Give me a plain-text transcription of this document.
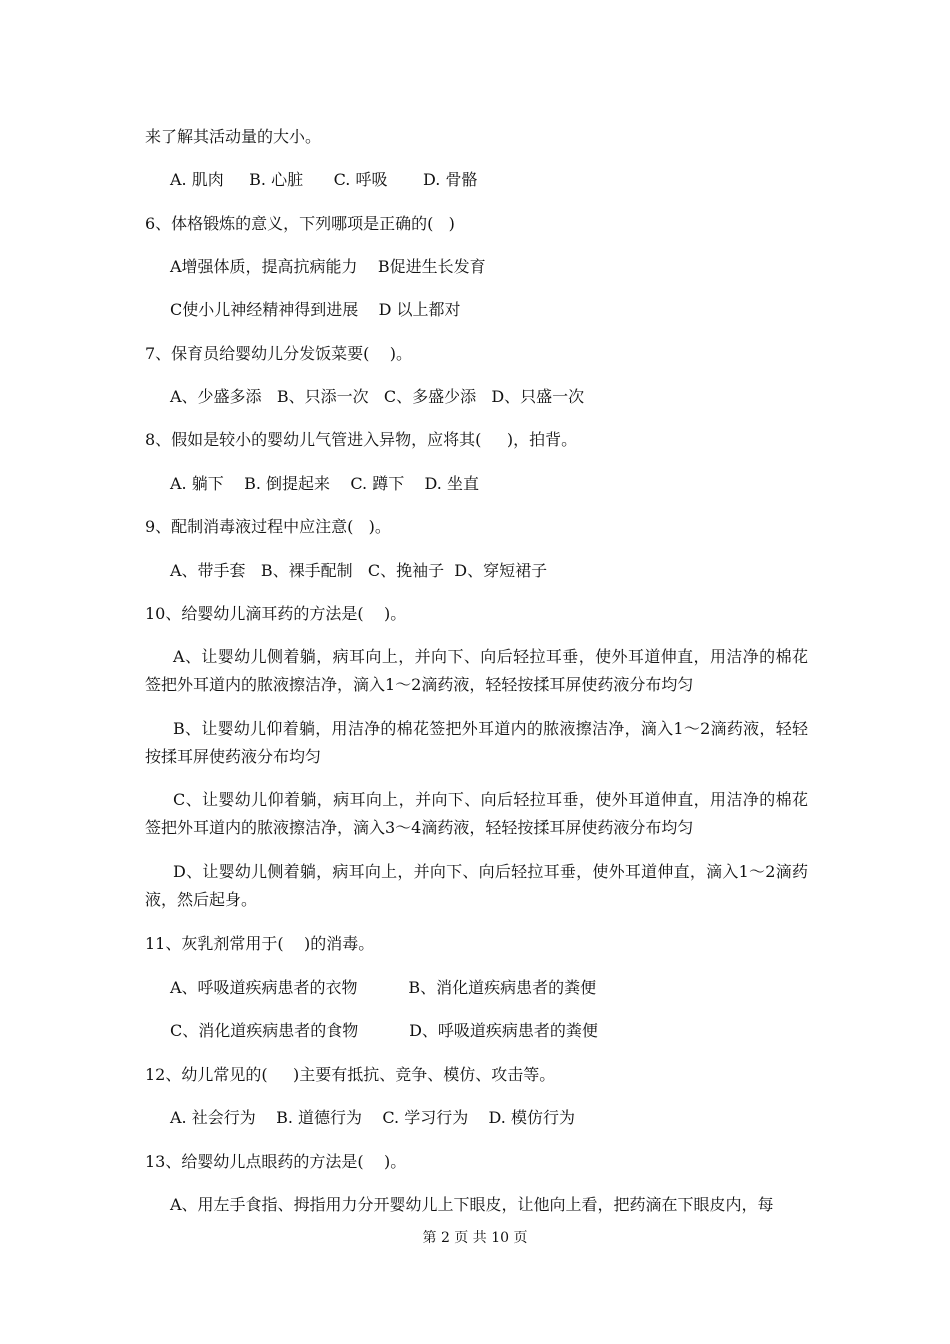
来了解其活动量的大小。
A. 肌肉     B. 心脏      C. 呼吸       D. 骨骼
6、体格锻炼的意义，下列哪项是正确的(   )
A增强体质，提高抗病能力    B促进生长发育
C使小儿神经精神得到进展    D 以上都对
7、保育员给婴幼儿分发饭菜要(    )。
A、少盛多添   B、只添一次   C、多盛少添   D、只盛一次
8、假如是较小的婴幼儿气管进入异物，应将其(     )，拍背。
A. 躺下    B. 倒提起来    C. 蹲下    D. 坐直
9、配制消毒液过程中应注意(   )。
A、带手套   B、裸手配制   C、挽袖子  D、穿短裙子
10、给婴幼儿滴耳药的方法是(    )。
A、让婴幼儿侧着躺，病耳向上，并向下、向后轻拉耳垂，使外耳道伸直，用洁净的棉花签把外耳道内的脓液擦洁净，滴入1～2滴药液，轻轻按揉耳屏使药液分布均匀
B、让婴幼儿仰着躺，用洁净的棉花签把外耳道内的脓液擦洁净，滴入1～2滴药液，轻轻按揉耳屏使药液分布均匀
C、让婴幼儿仰着躺，病耳向上，并向下、向后轻拉耳垂，使外耳道伸直，用洁净的棉花签把外耳道内的脓液擦洁净，滴入3～4滴药液，轻轻按揉耳屏使药液分布均匀
D、让婴幼儿侧着躺，病耳向上，并向下、向后轻拉耳垂，使外耳道伸直，滴入1～2滴药液，然后起身。
11、灰乳剂常用于(    )的消毒。
A、呼吸道疾病患者的衣物          B、消化道疾病患者的粪便
C、消化道疾病患者的食物          D、呼吸道疾病患者的粪便
12、幼儿常见的(     )主要有抵抗、竞争、模仿、攻击等。
A. 社会行为    B. 道德行为    C. 学习行为    D. 模仿行为
13、给婴幼儿点眼药的方法是(    )。
A、用左手食指、拇指用力分开婴幼儿上下眼皮，让他向上看，把药滴在下眼皮内，每
第 2 页 共 10 页
